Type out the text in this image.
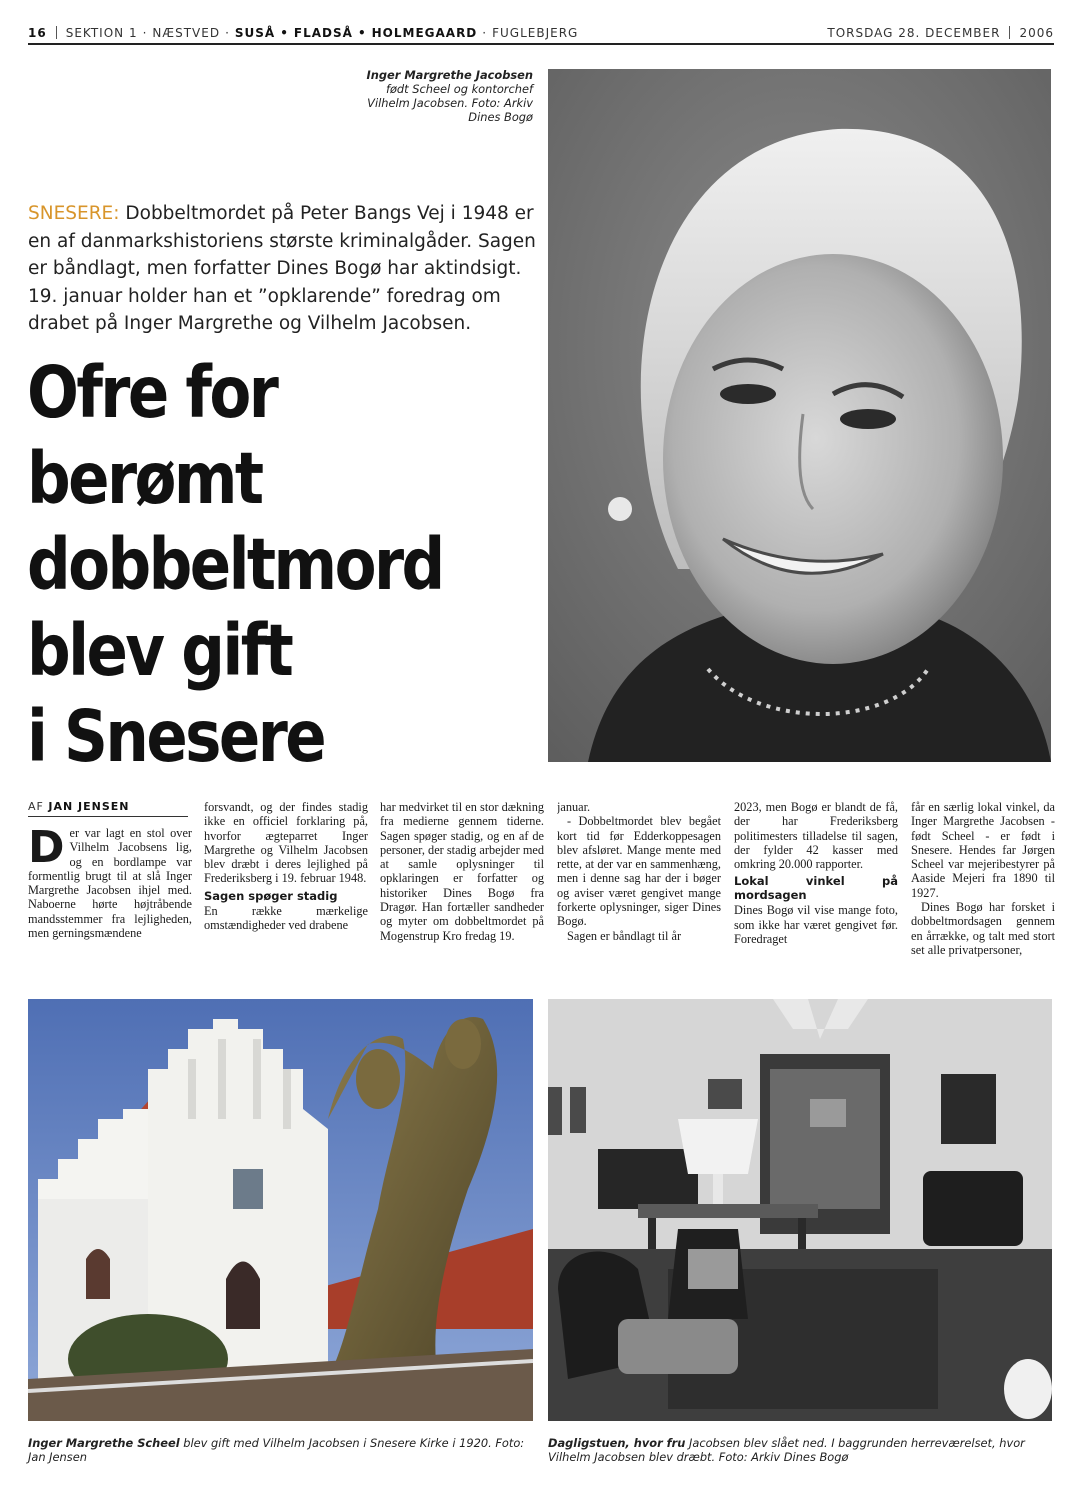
16 SEKTION 1 · NÆSTVED · SUSÅ • FLADSÅ • HOLMEGAARD · FUGLEBJERG	TORSDAG 28. DECEMBER 2006
Inger Margrethe Jacobsen
født Scheel og kontorchef Vilhelm Jacobsen. Foto: Arkiv Dines Bogø
SNESERE: Dobbeltmordet på Peter Bangs Vej i 1948 er en af danmarkshistoriens største kriminalgåder. Sagen er båndlagt, men forfatter Dines Bogø har aktindsigt. 19. januar holder han et ”opklarende” foredrag om drabet på Inger Margrethe og Vilhelm Jacobsen.
Ofre for
berømt
dobbeltmord
blev gift
i Snesere
AF JAN JENSEN

Der var lagt en stol over Vilhelm Jacobsens lig, og en bordlampe var formentlig brugt til at slå Inger Margrethe Jacobsen ihjel med. Naboerne hørte højtråbende mandsstemmer fra lejligheden, men gerningsmændene

forsvandt, og der findes stadig ikke en officiel forklaring på, hvorfor ægteparret Inger Margrethe og Vilhelm Jacobsen blev dræbt i deres lejlighed på Frederiksberg i 19. februar 1948.

Sagen spøger stadig

En række mærkelige omstændigheder ved drabene

har medvirket til en stor dækning fra medierne gennem tiderne. Sagen spøger stadig, og en af de personer, der stadig arbejder med at samle oplysninger til opklaringen er forfatter og historiker Dines Bogø fra Dragør. Han fortæller sandheder og myter om dobbeltmordet på Mogenstrup Kro fredag 19.

januar.

- Dobbeltmordet blev begået kort tid før Edderkoppesagen blev afsløret. Mange mente med rette, at der var en sammenhæng, men i denne sag har der i bøger og aviser været gengivet mange forkerte oplysninger, siger Dines Bogø.

Sagen er båndlagt til år

2023, men Bogø er blandt de få, der har Frederiksberg politimesters tilladelse til sagen, der fylder 42 kasser med omkring 20.000 rapporter.

Lokal vinkel på mordsagen

Dines Bogø vil vise mange foto, som ikke har været gengivet før. Foredraget

får en særlig lokal vinkel, da Inger Margrethe Jacobsen - født Scheel - er født i Snesere. Hendes far Jørgen Scheel var mejeribestyrer på Aaside Mejeri fra 1890 til 1927.

Dines Bogø har forsket i dobbeltmordsagen gennem en årrække, og talt med stort set alle privatpersoner,

Inger Margrethe Scheel blev gift med Vilhelm Jacobsen i Snesere Kirke i 1920. Foto: Jan Jensen
Dagligstuen, hvor fru Jacobsen blev slået ned. I baggrunden herreværelset, hvor Vilhelm Jacobsen blev dræbt. Foto: Arkiv Dines Bogø
